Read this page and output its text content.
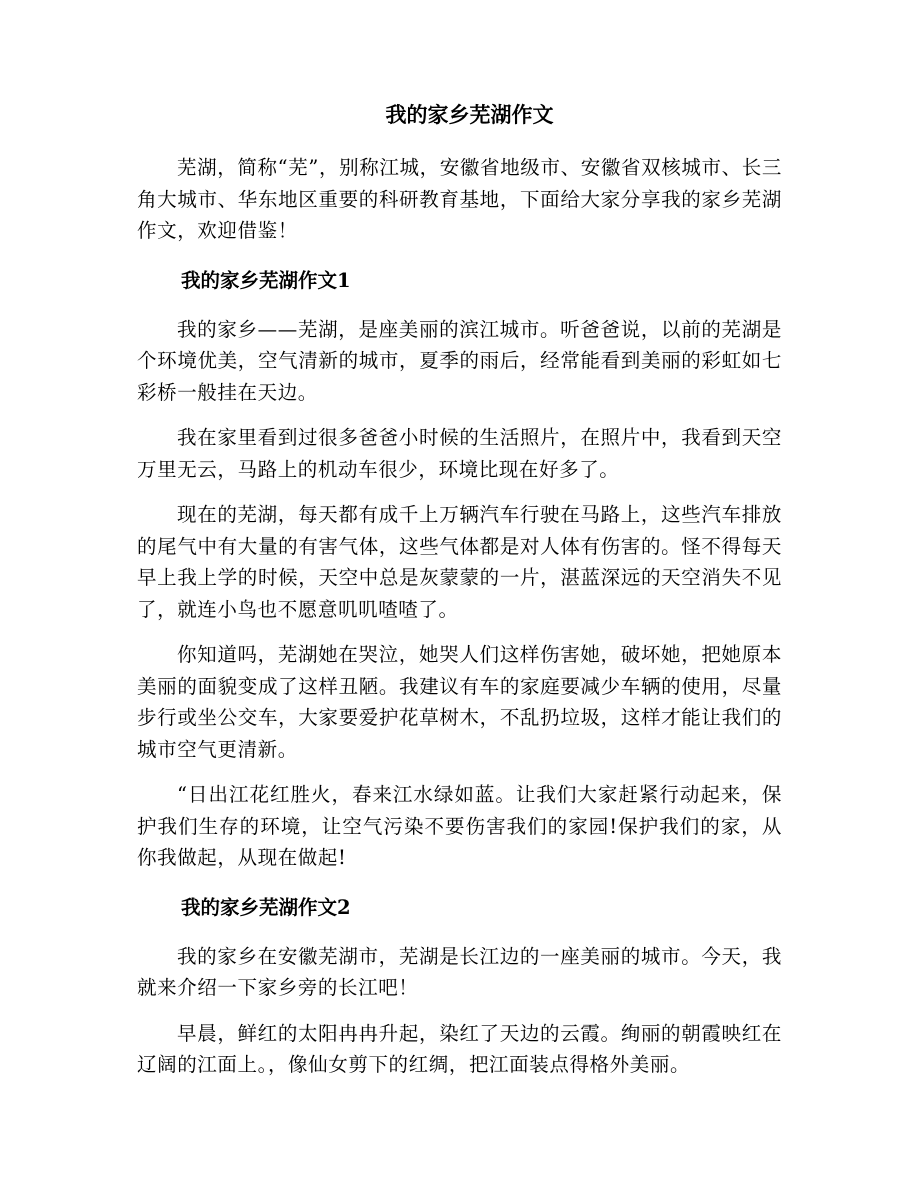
我的家乡芜湖作文

芜湖，简称“芜”，别称江城，安徽省地级市、安徽省双核城市、长三角大城市、华东地区重要的科研教育基地，下面给大家分享我的家乡芜湖作文，欢迎借鉴！

我的家乡芜湖作文1

我的家乡——芜湖，是座美丽的滨江城市。听爸爸说，以前的芜湖是个环境优美，空气清新的城市，夏季的雨后，经常能看到美丽的彩虹如七彩桥一般挂在天边。

我在家里看到过很多爸爸小时候的生活照片，在照片中，我看到天空万里无云，马路上的机动车很少，环境比现在好多了。

现在的芜湖，每天都有成千上万辆汽车行驶在马路上，这些汽车排放的尾气中有大量的有害气体，这些气体都是对人体有伤害的。怪不得每天早上我上学的时候，天空中总是灰蒙蒙的一片，湛蓝深远的天空消失不见了，就连小鸟也不愿意叽叽喳喳了。

你知道吗，芜湖她在哭泣，她哭人们这样伤害她，破坏她，把她原本美丽的面貌变成了这样丑陋。我建议有车的家庭要减少车辆的使用，尽量步行或坐公交车，大家要爱护花草树木，不乱扔垃圾，这样才能让我们的城市空气更清新。

“日出江花红胜火，春来江水绿如蓝。让我们大家赶紧行动起来，保护我们生存的环境，让空气污染不要伤害我们的家园!保护我们的家，从你我做起，从现在做起!

我的家乡芜湖作文2

我的家乡在安徽芜湖市，芜湖是长江边的一座美丽的城市。今天，我就来介绍一下家乡旁的长江吧！

早晨，鲜红的太阳冉冉升起，染红了天边的云霞。绚丽的朝霞映红在辽阔的江面上。，像仙女剪下的红绸，把江面装点得格外美丽。
